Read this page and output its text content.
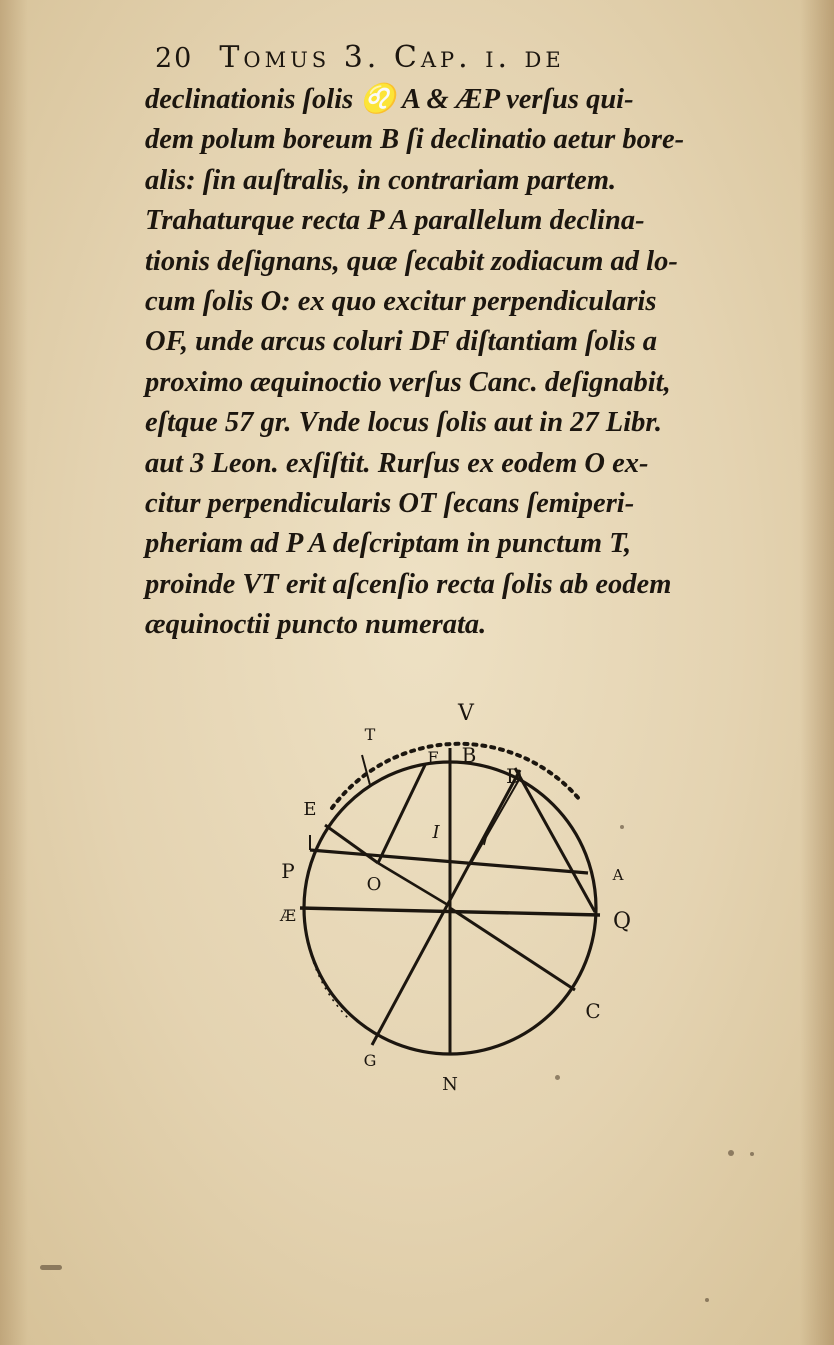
20 Tomus 3. Cap. i. de
declinationis ſolis ♌ A & ÆP verſus qui-
dem polum boreum B ſi declinatio aetur bore-
alis: ſin auſtralis, in contrariam partem.
Trahaturque recta P A parallelum declina-
tionis deſignans, quæ ſecabit zodiacum ad lo-
cum ſolis O: ex quo excitur perpendicularis
OF, unde arcus coluri DF diſtantiam ſolis a
proximo æquinoctio verſus Canc. deſignabit,
eſtque 57 gr. Vnde locus ſolis aut in 27 Libr.
aut 3 Leon. exſiſtit. Rurſus ex eodem O ex-
citur perpendicularis OT ſecans ſemiperi-
pheriam ad P A deſcriptam in punctum T,
proinde VT erit aſcenſio recta ſolis ab eodem
æquinoctii puncto numerata.
V
T
F B
D
E
I
P
O	A
Æ	Q
C
G
N
